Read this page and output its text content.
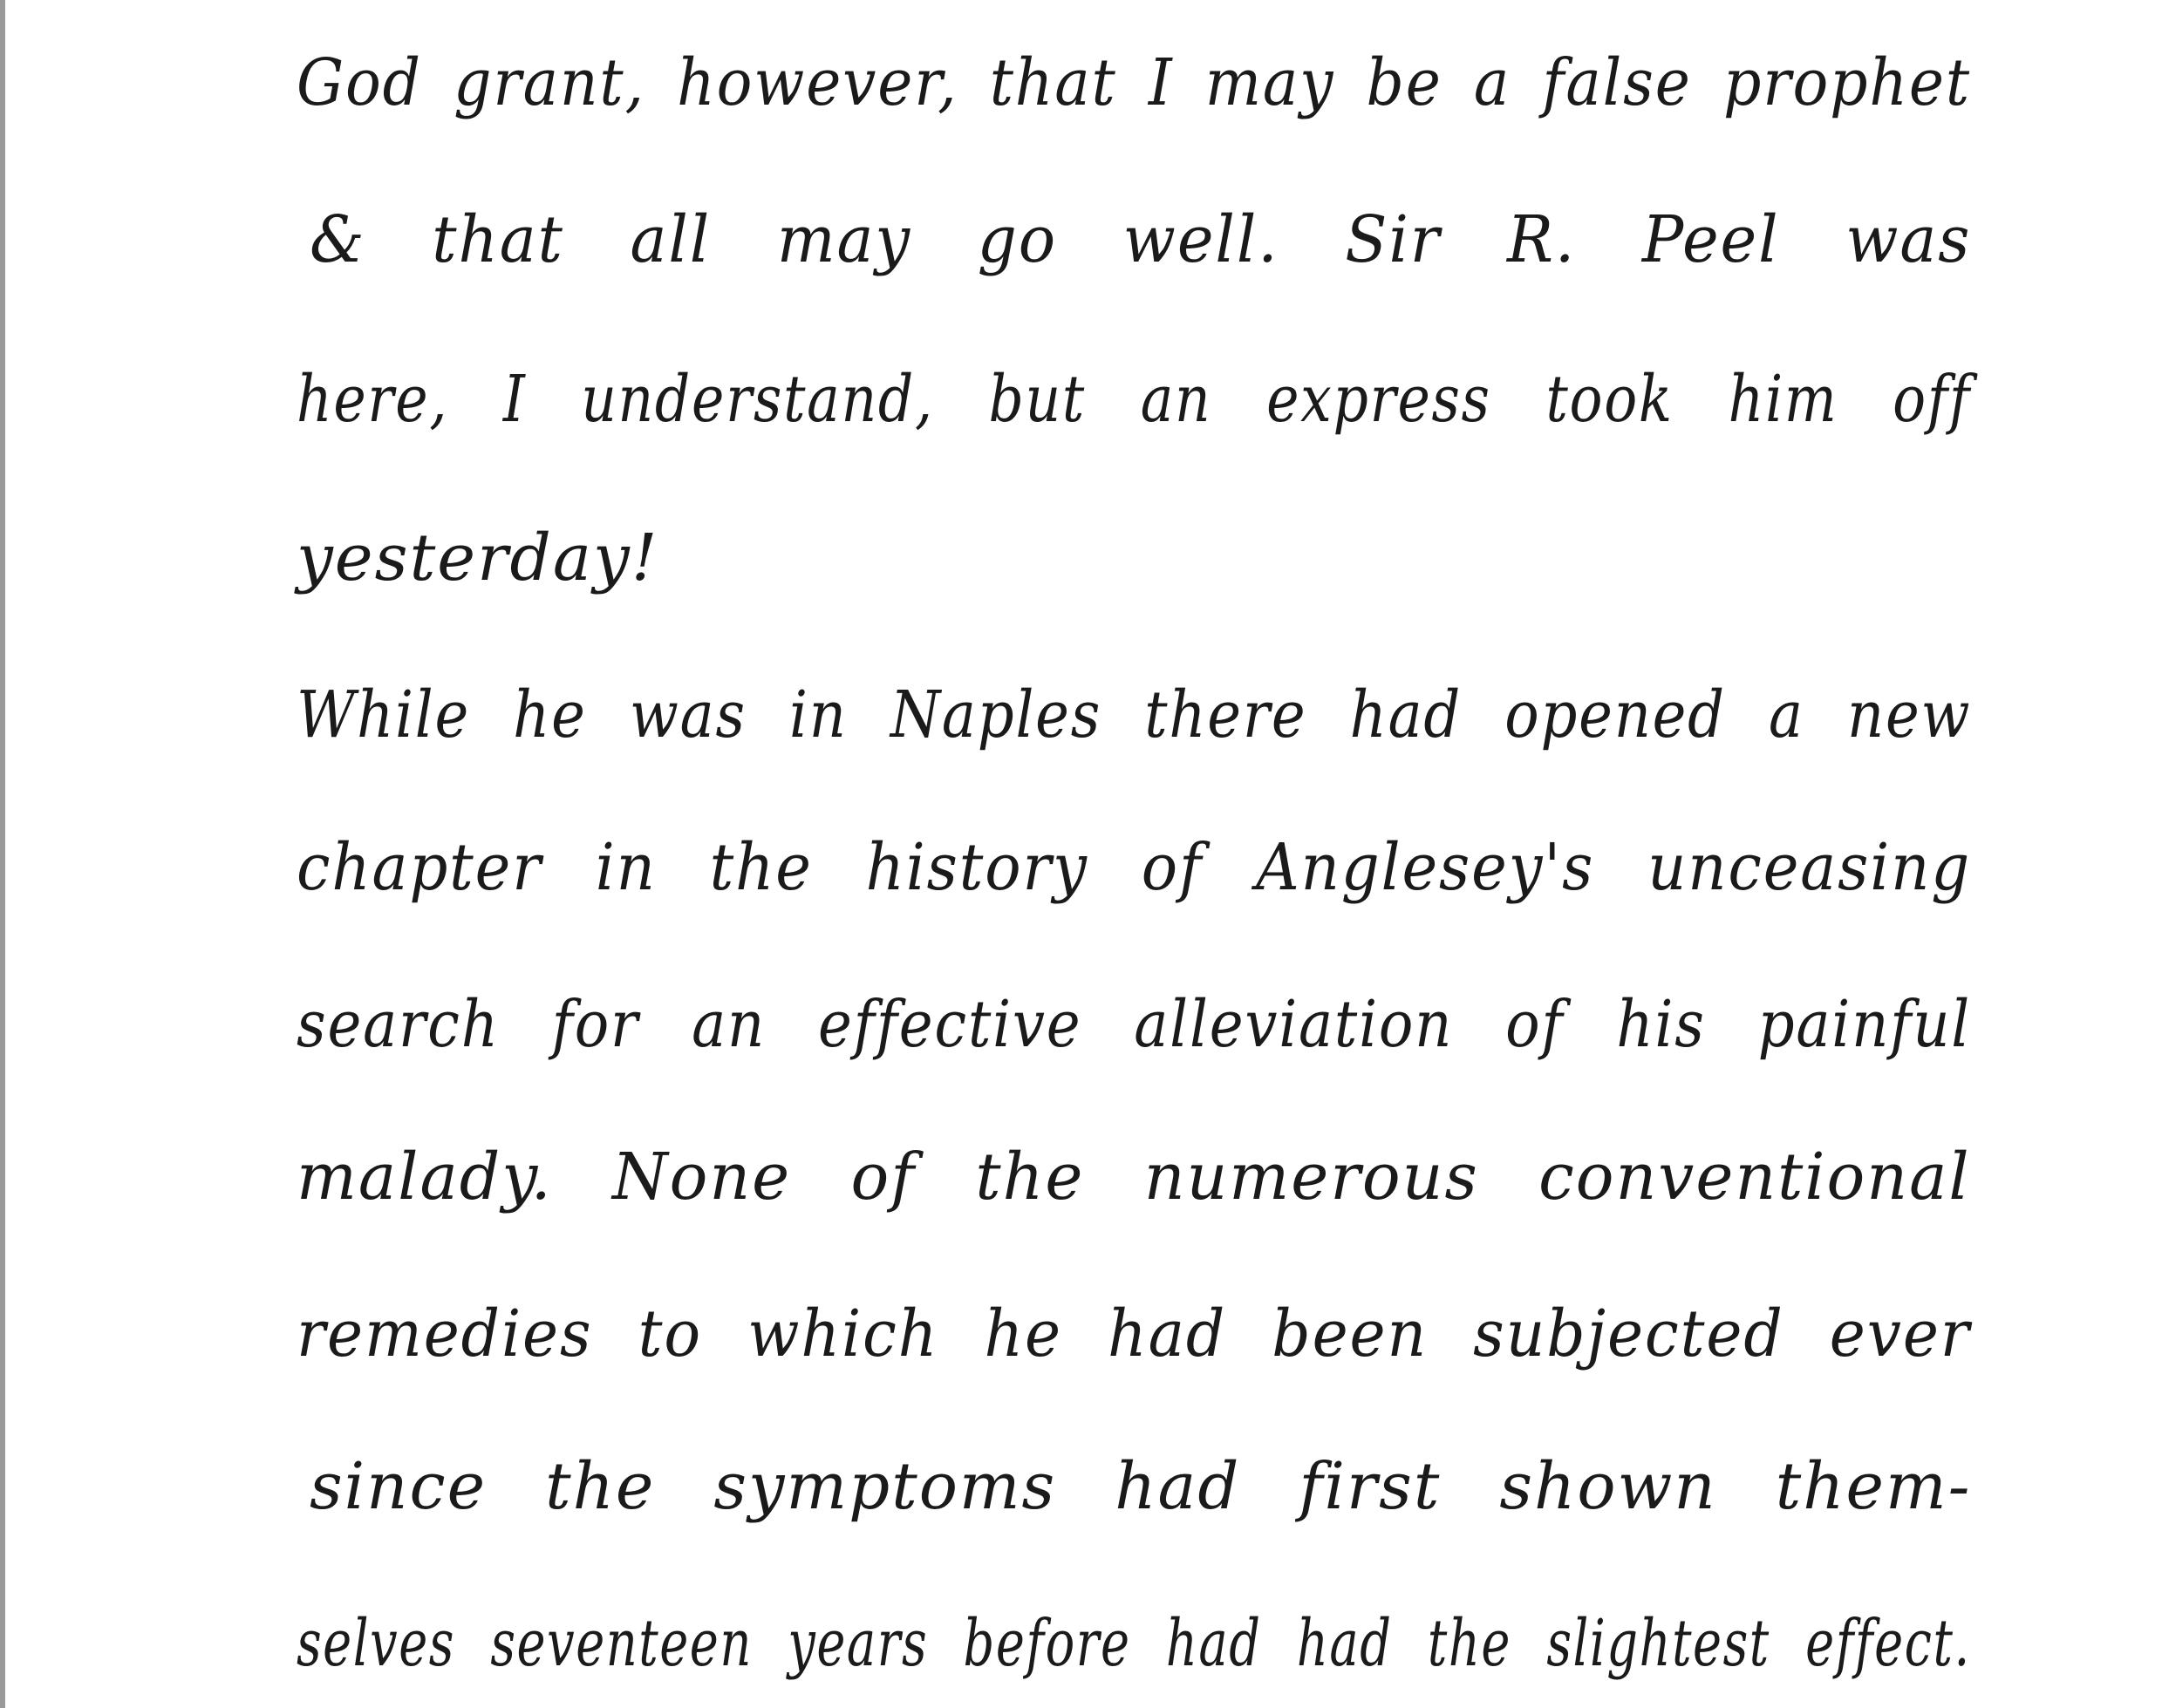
God grant, however, that I may be a false prophet
& that all may go well. Sir R. Peel was
here, I understand, but an express took him off
yesterday!
While he was in Naples there had opened a new
chapter in the history of Anglesey's unceasing
search for an effective alleviation of his painful
malady. None of the numerous conventional
remedies to which he had been subjected ever
since the symptoms had first shown them-
selves seventeen years before had had the slightest effect.
